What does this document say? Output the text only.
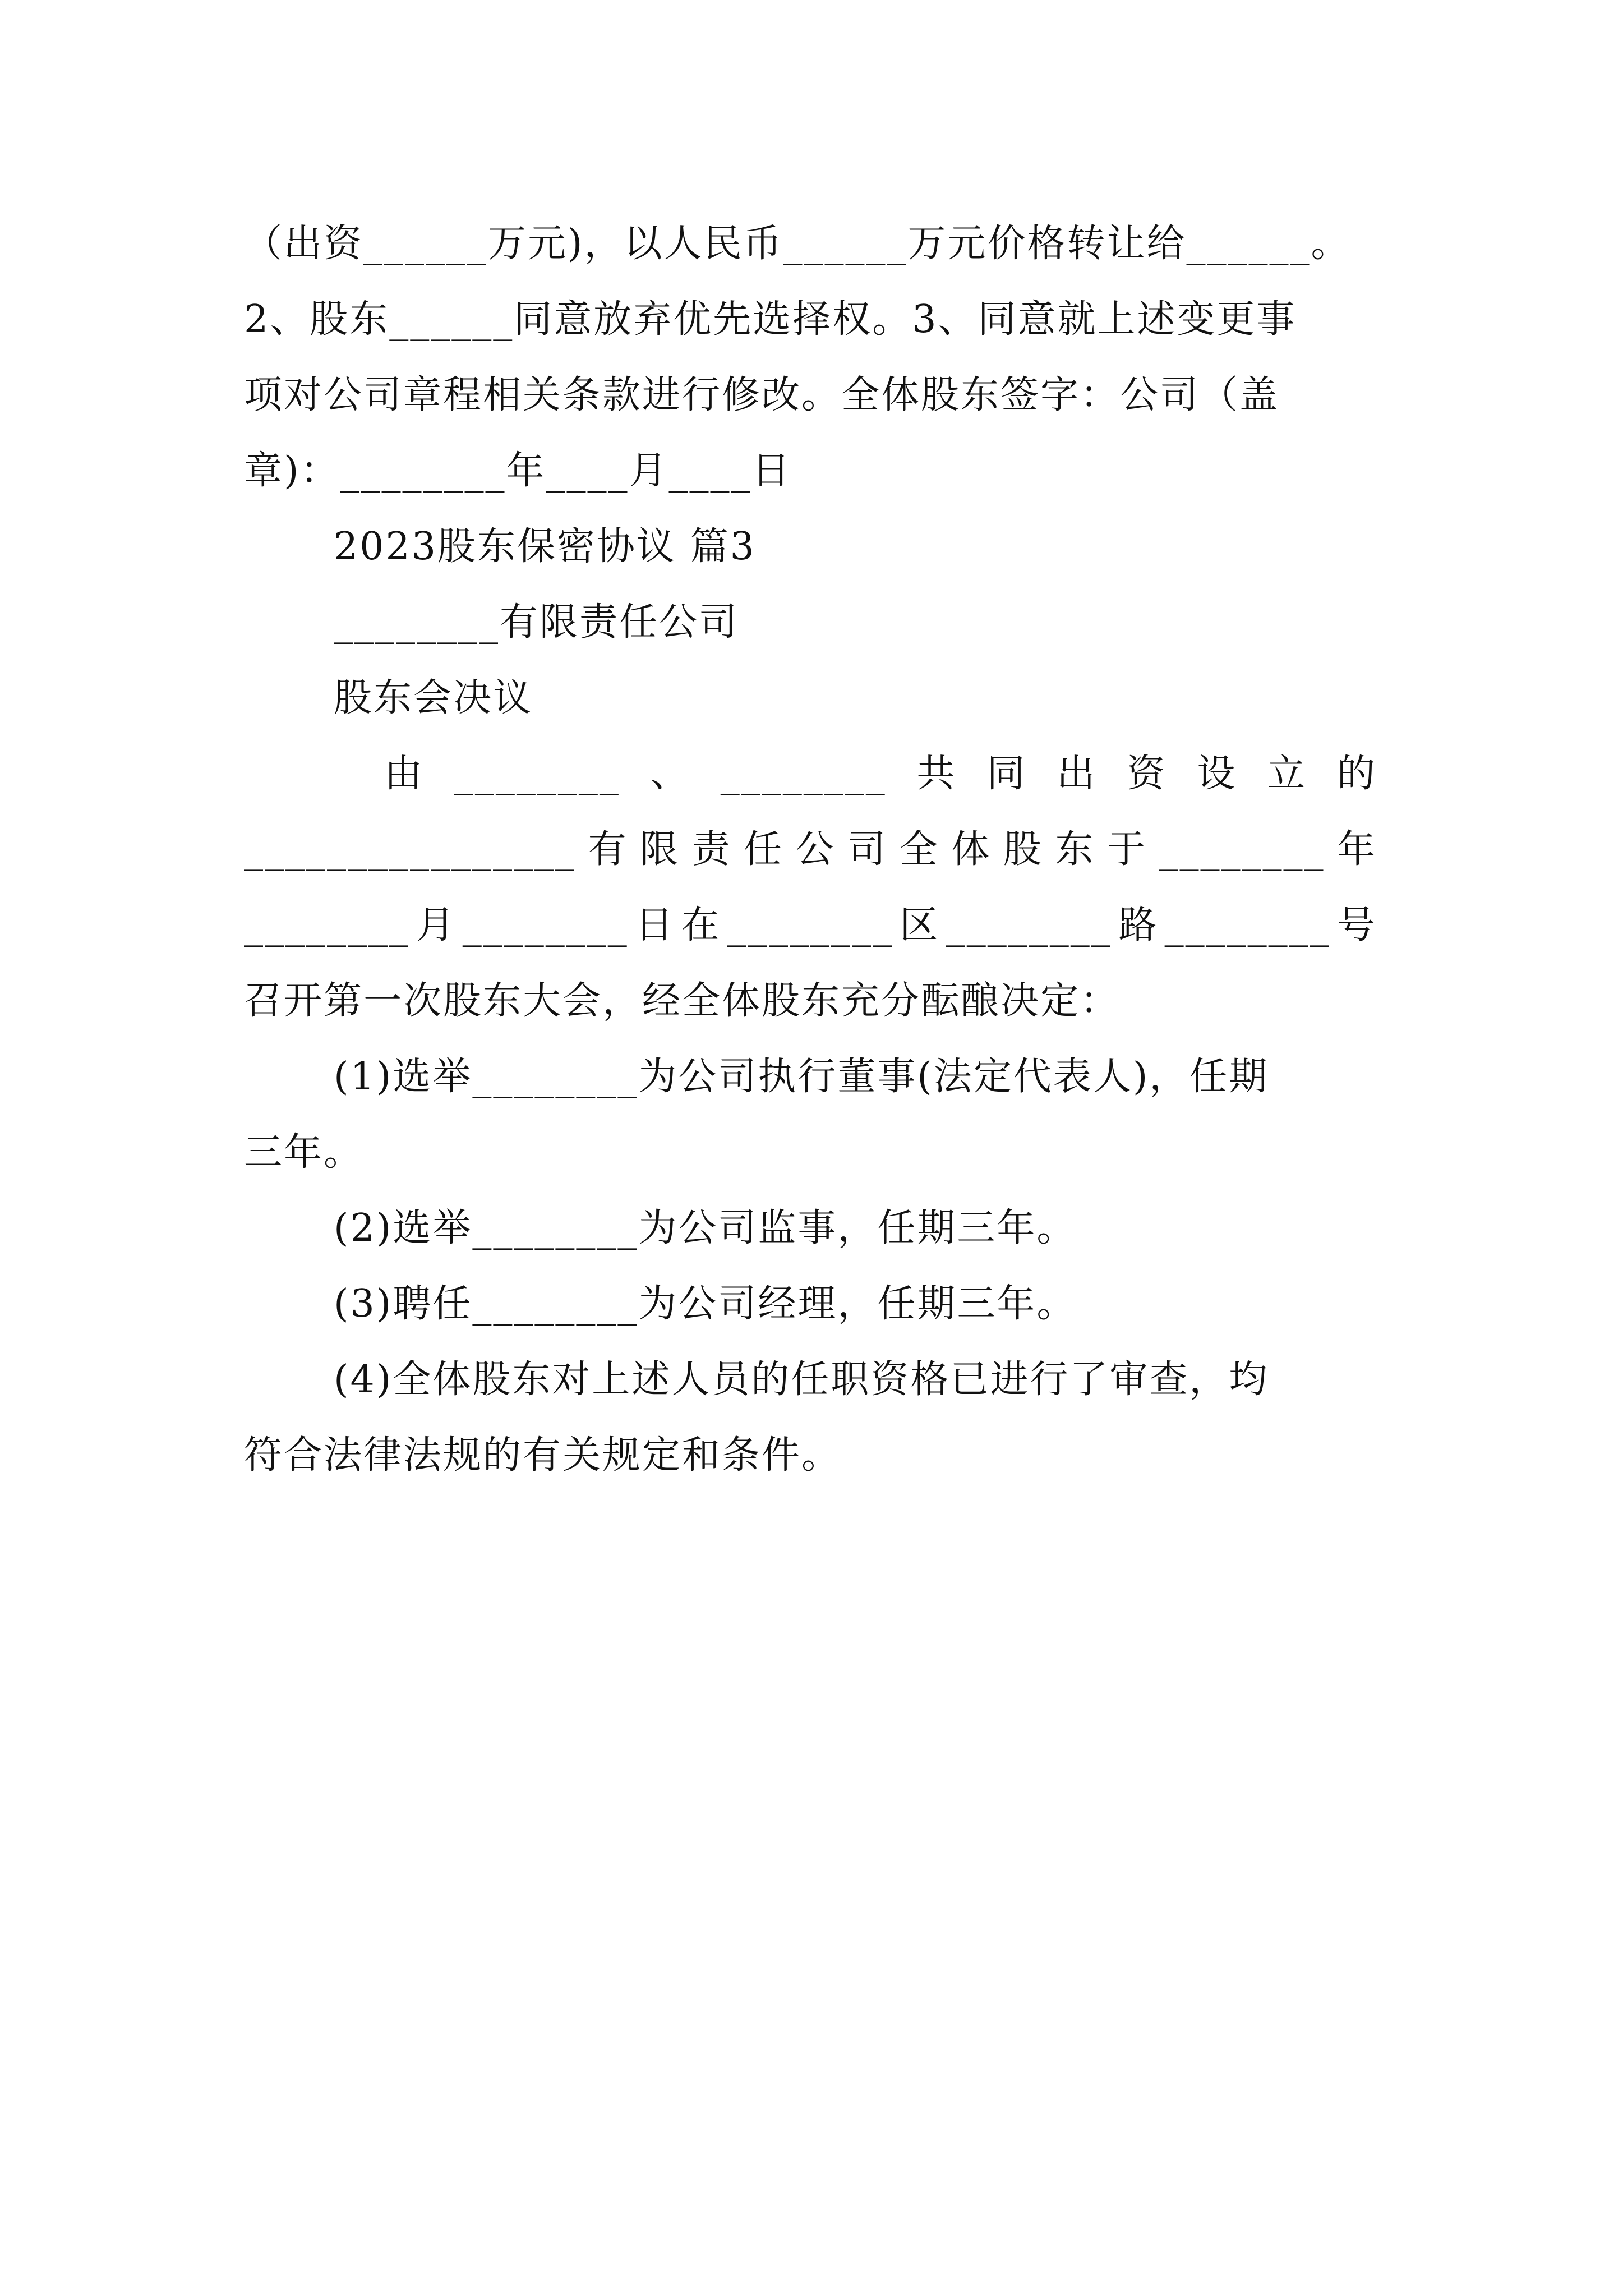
（出资______万元)，以人民币______万元价格转让给______。

2、股东______同意放弃优先选择权。3、同意就上述变更事

项对公司章程相关条款进行修改。全体股东签字：公司（盖

章)：________年____月____日

2023股东保密协议 篇3

________有限责任公司

股东会决议

由________、________共同出资设立的

________________有限责任公司全体股东于________年

________月________日在________区________路________号

召开第一次股东大会，经全体股东充分酝酿决定：

(1)选举________为公司执行董事(法定代表人)，任期

三年。

(2)选举________为公司监事，任期三年。

(3)聘任________为公司经理，任期三年。

(4)全体股东对上述人员的任职资格已进行了审查，均

符合法律法规的有关规定和条件。
